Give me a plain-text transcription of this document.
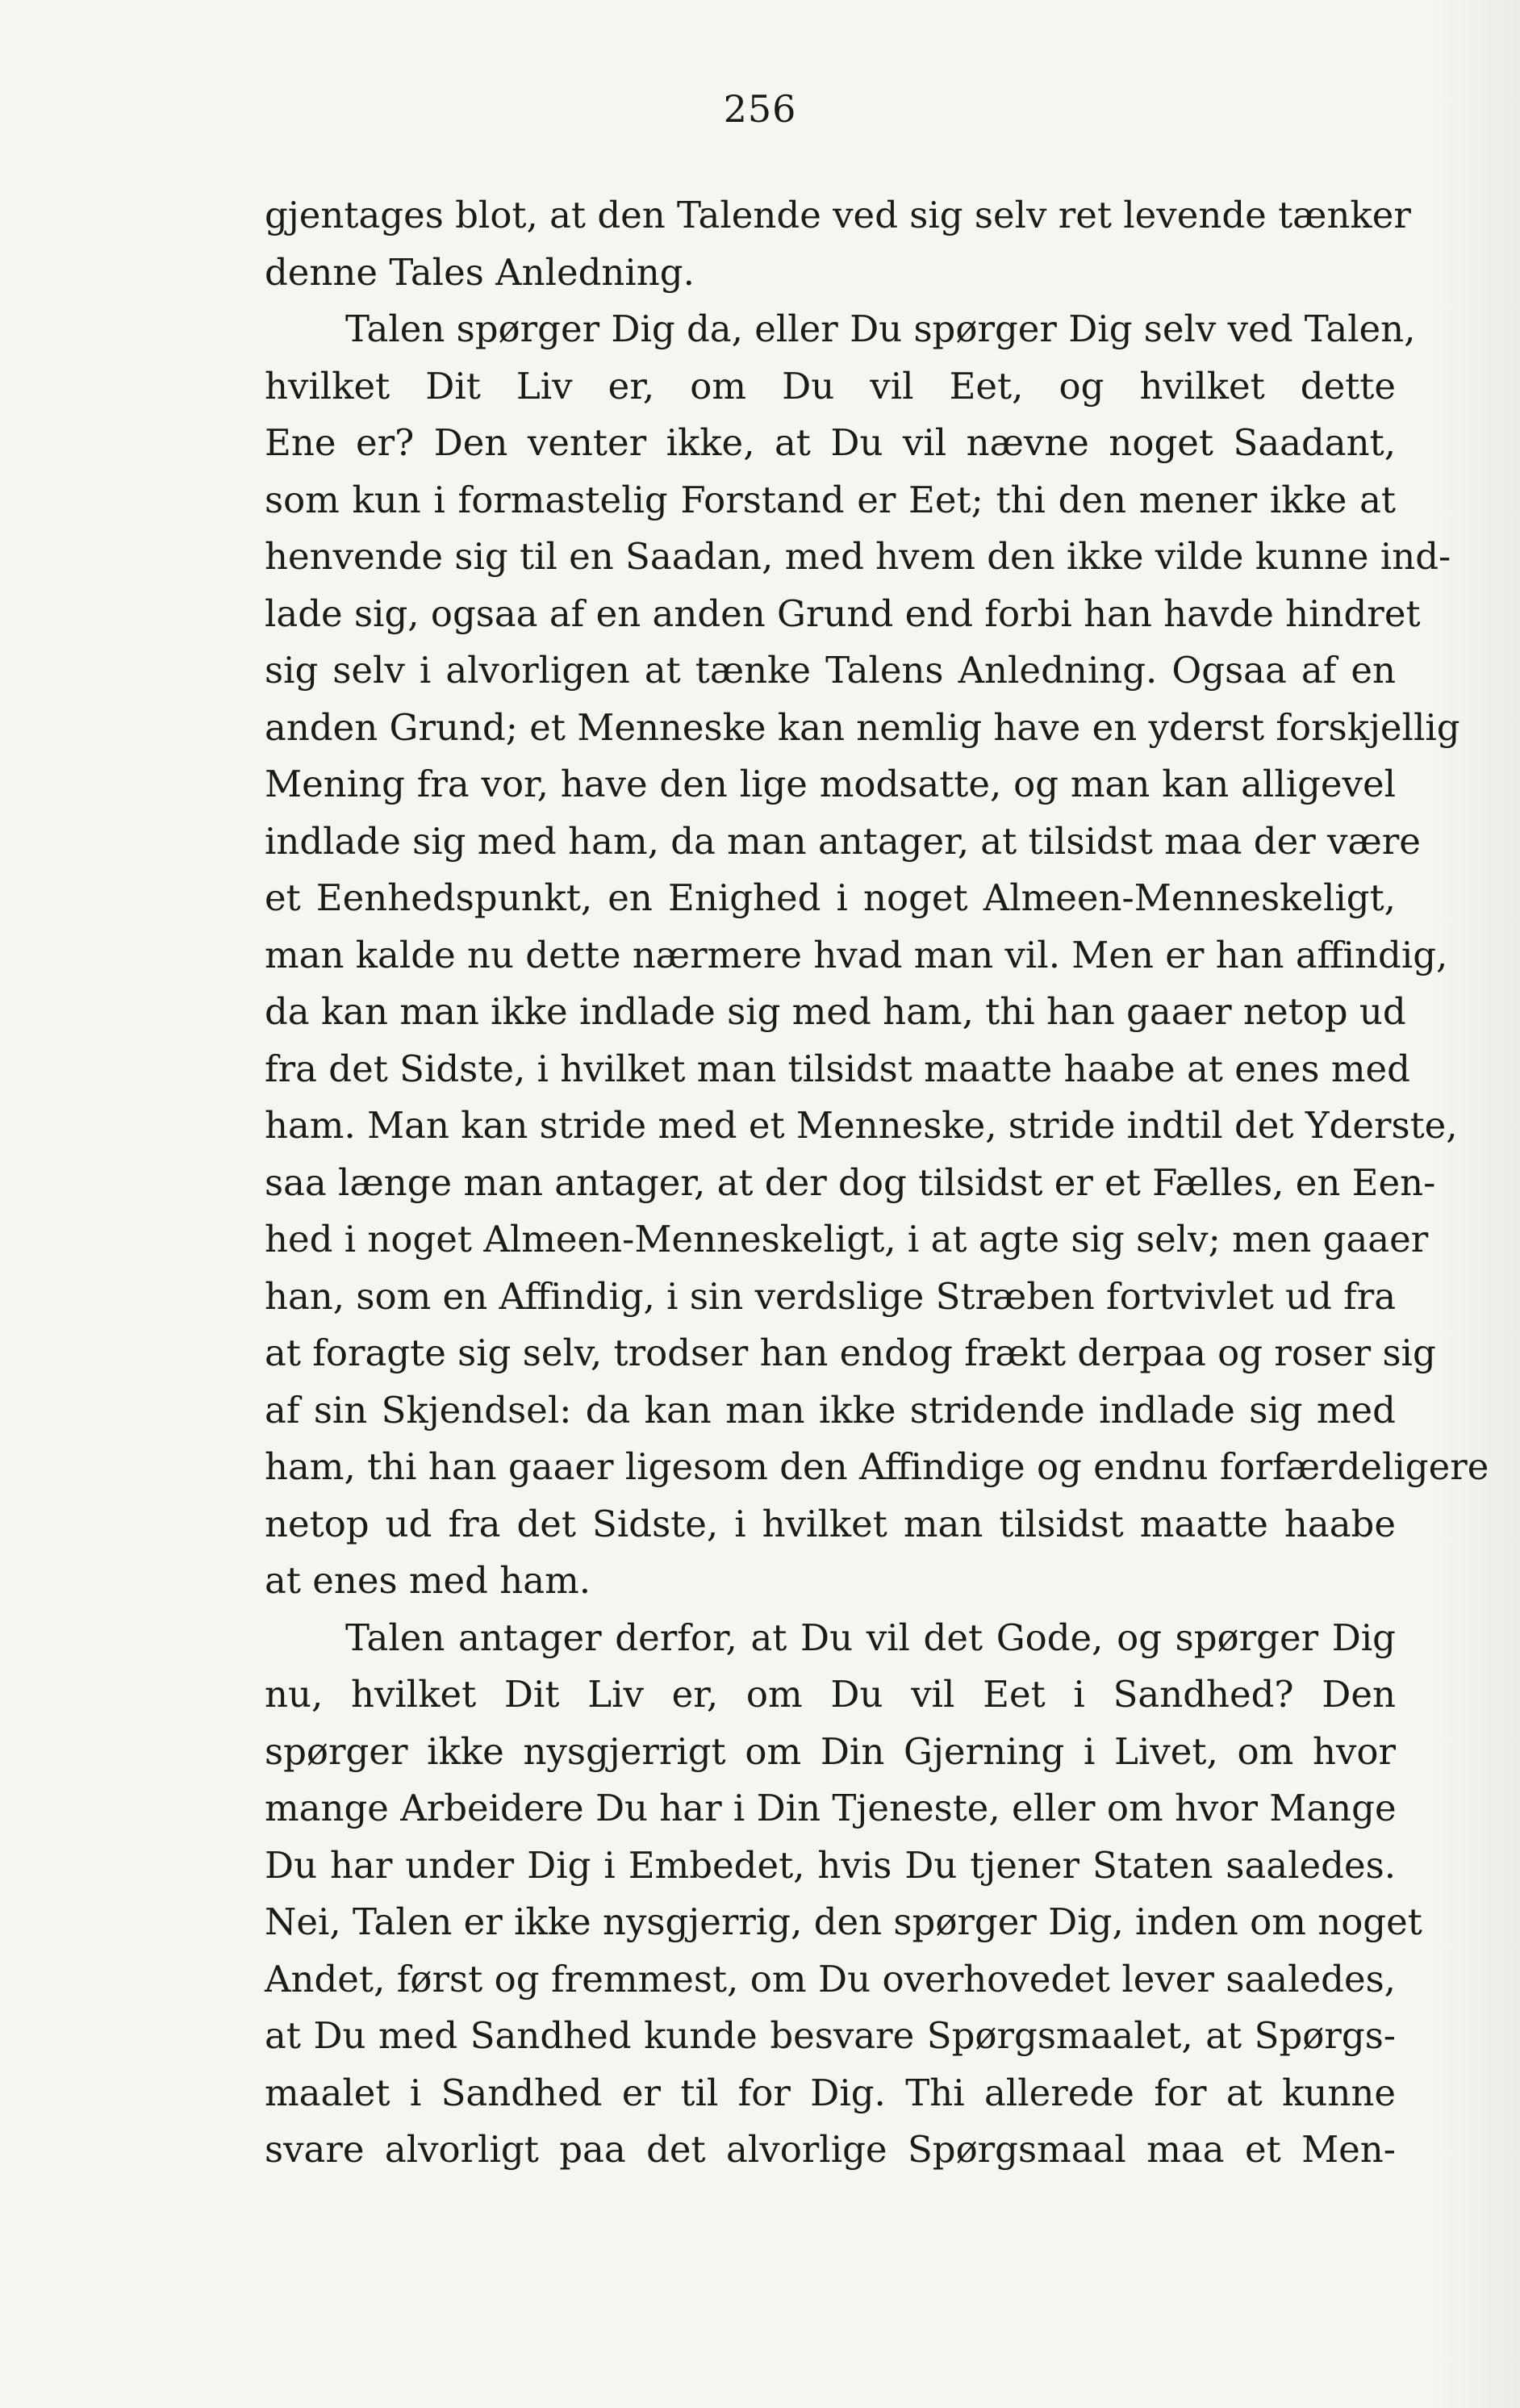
256
gjentages blot, at den Talende ved sig selv ret levende tænker
denne Tales Anledning.
Talen spørger Dig da, eller Du spørger Dig selv ved Talen,
hvilket Dit Liv er, om Du vil Eet, og hvilket dette
Ene er? Den venter ikke, at Du vil nævne noget Saadant,
som kun i formastelig Forstand er Eet; thi den mener ikke at
henvende sig til en Saadan, med hvem den ikke vilde kunne ind-
lade sig, ogsaa af en anden Grund end forbi han havde hindret
sig selv i alvorligen at tænke Talens Anledning. Ogsaa af en
anden Grund; et Menneske kan nemlig have en yderst forskjellig
Mening fra vor, have den lige modsatte, og man kan alligevel
indlade sig med ham, da man antager, at tilsidst maa der være
et Eenhedspunkt, en Enighed i noget Almeen-Menneskeligt,
man kalde nu dette nærmere hvad man vil. Men er han affindig,
da kan man ikke indlade sig med ham, thi han gaaer netop ud
fra det Sidste, i hvilket man tilsidst maatte haabe at enes med
ham. Man kan stride med et Menneske, stride indtil det Yderste,
saa længe man antager, at der dog tilsidst er et Fælles, en Een-
hed i noget Almeen-Menneskeligt, i at agte sig selv; men gaaer
han, som en Affindig, i sin verdslige Stræben fortvivlet ud fra
at foragte sig selv, trodser han endog frækt derpaa og roser sig
af sin Skjendsel: da kan man ikke stridende indlade sig med
ham, thi han gaaer ligesom den Affindige og endnu forfærdeligere
netop ud fra det Sidste, i hvilket man tilsidst maatte haabe
at enes med ham.
Talen antager derfor, at Du vil det Gode, og spørger Dig
nu, hvilket Dit Liv er, om Du vil Eet i Sandhed? Den
spørger ikke nysgjerrigt om Din Gjerning i Livet, om hvor
mange Arbeidere Du har i Din Tjeneste, eller om hvor Mange
Du har under Dig i Embedet, hvis Du tjener Staten saaledes.
Nei, Talen er ikke nysgjerrig, den spørger Dig, inden om noget
Andet, først og fremmest, om Du overhovedet lever saaledes,
at Du med Sandhed kunde besvare Spørgsmaalet, at Spørgs-
maalet i Sandhed er til for Dig. Thi allerede for at kunne
svare alvorligt paa det alvorlige Spørgsmaal maa et Men-
